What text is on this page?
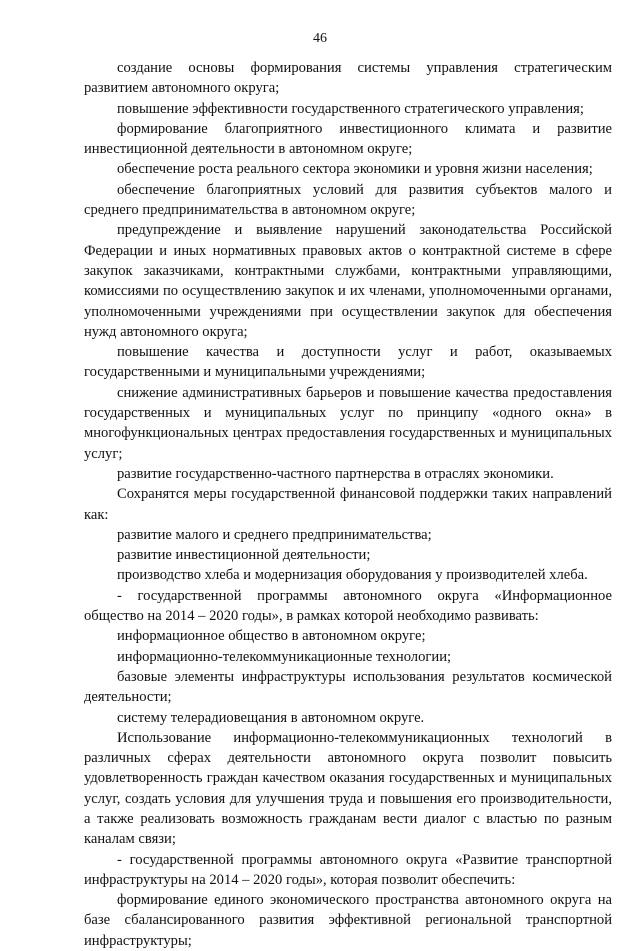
46

создание основы формирования системы управления стратегическим развитием автономного округа;

повышение эффективности государственного стратегического управления;

формирование благоприятного инвестиционного климата и развитие инвестиционной деятельности в автономном округе;

обеспечение роста реального сектора экономики и уровня жизни населения;

обеспечение благоприятных условий для развития субъектов малого и среднего предпринимательства в автономном округе;

предупреждение и выявление нарушений законодательства Российской Федерации и иных нормативных правовых актов о контрактной системе в сфере закупок заказчиками, контрактными службами, контрактными управляющими, комиссиями по осуществлению закупок и их членами, уполномоченными органами, уполномоченными учреждениями при осуществлении закупок для обеспечения нужд автономного округа;

повышение качества и доступности услуг и работ, оказываемых государственными и муниципальными учреждениями;

снижение административных барьеров и повышение качества предоставления государственных и муниципальных услуг по принципу «одного окна» в многофункциональных центрах предоставления государственных и муниципальных услуг;

развитие государственно-частного партнерства в отраслях экономики.

Сохранятся меры государственной финансовой поддержки таких направлений как:

развитие малого и среднего предпринимательства;

развитие инвестиционной деятельности;

производство хлеба и модернизация оборудования у производителей хлеба.

- государственной программы автономного округа «Информационное общество на 2014 – 2020 годы», в рамках которой необходимо развивать:

информационное общество в автономном округе;

информационно-телекоммуникационные технологии;

базовые элементы инфраструктуры использования результатов космической деятельности;

систему телерадиовещания в автономном округе.

Использование информационно-телекоммуникационных технологий в различных сферах деятельности автономного округа позволит повысить удовлетворенность граждан качеством оказания государственных и муниципальных услуг, создать условия для улучшения труда и повышения его производительности, а также реализовать возможность гражданам вести диалог с властью по разным каналам связи;

- государственной программы автономного округа «Развитие транспортной инфраструктуры на 2014 – 2020 годы», которая позволит обеспечить:

формирование единого экономического пространства автономного округа на базе сбалансированного развития эффективной региональной транспортной инфраструктуры;
